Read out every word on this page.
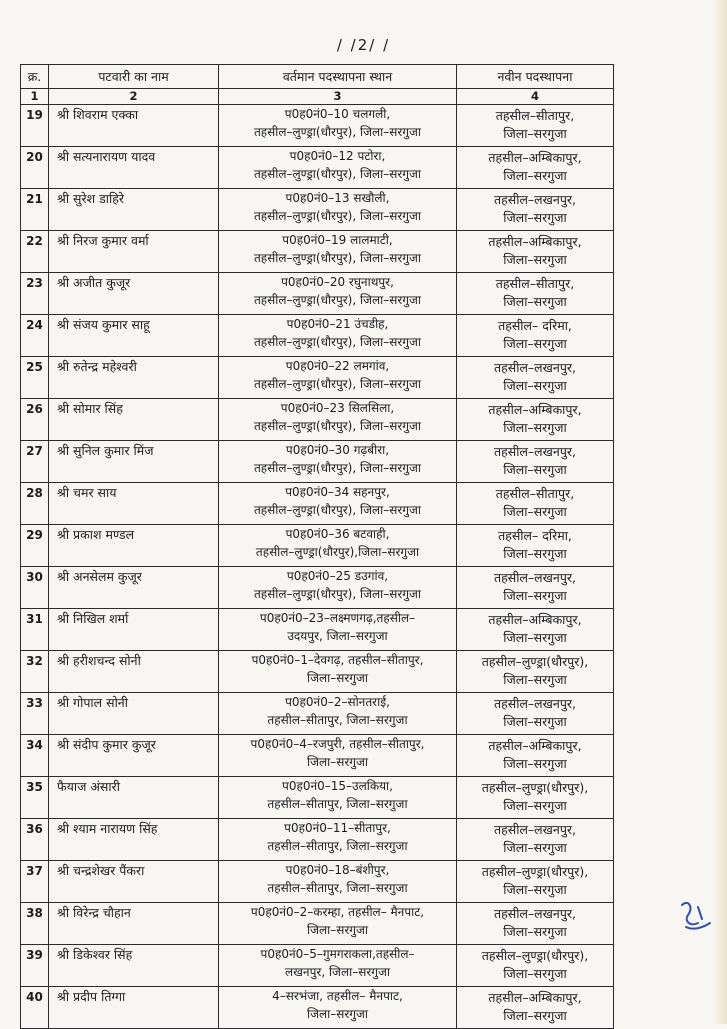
/ /2/ /
क्र.	पटवारी का नाम	वर्तमान पदस्थापना स्थान	नवीन पदस्थापना
1	2	3	4
19	श्री शिवराम एक्का	प0ह0नं0–10 चलगली,
तहसील–लुण्ड्रा(धौरपुर), जिला–सरगुजा	तहसील–सीतापुर,
जिला–सरगुजा

20	श्री सत्यनारायण यादव	प0ह0नं0–12 पटोरा,
तहसील–लुण्ड्रा(धौरपुर), जिला–सरगुजा	तहसील–अम्बिकापुर,
जिला–सरगुजा

21	श्री सुरेश डाहिरे	प0ह0नं0–13 सखौली,
तहसील–लुण्ड्रा(धौरपुर), जिला–सरगुजा	तहसील–लखनपुर,
जिला–सरगुजा

22	श्री निरज कुमार वर्मा	प0ह0नं0–19 लालमाटी,
तहसील–लुण्ड्रा(धौरपुर), जिला–सरगुजा	तहसील–अम्बिकापुर,
जिला–सरगुजा

23	श्री अजीत कुजूर	प0ह0नं0–20 रघुनाथपुर,
तहसील–लुण्ड्रा(धौरपुर), जिला–सरगुजा	तहसील–सीतापुर,
जिला–सरगुजा

24	श्री संजय कुमार साहू	प0ह0नं0–21 उंचडीह,
तहसील–लुण्ड्रा(धौरपुर), जिला–सरगुजा	तहसील– दरिमा,
जिला–सरगुजा

25	श्री रुतेन्द्र महेश्वरी	प0ह0नं0–22 लमगांव,
तहसील–लुण्ड्रा(धौरपुर), जिला–सरगुजा	तहसील–लखनपुर,
जिला–सरगुजा

26	श्री सोमार सिंह	प0ह0नं0–23 सिलसिला,
तहसील–लुण्ड्रा(धौरपुर), जिला–सरगुजा	तहसील–अम्बिकापुर,
जिला–सरगुजा

27	श्री सुनिल कुमार मिंज	प0ह0नं0–30 गढ़बीरा,
तहसील–लुण्ड्रा(धौरपुर), जिला–सरगुजा	तहसील–लखनपुर,
जिला–सरगुजा

28	श्री चमर साय	प0ह0नं0–34 सहनपुर,
तहसील–लुण्ड्रा(धौरपुर), जिला–सरगुजा	तहसील–सीतापुर,
जिला–सरगुजा

29	श्री प्रकाश मण्डल	प0ह0नं0–36 बटवाही,
तहसील–लुण्ड्रा(धौरपुर),जिला–सरगुजा	तहसील– दरिमा,
जिला–सरगुजा

30	श्री अनसेलम कुजूर	प0ह0नं0–25 डउगांव,
तहसील–लुण्ड्रा(धौरपुर), जिला–सरगुजा	तहसील–लखनपुर,
जिला–सरगुजा

31	श्री निखिल शर्मा	प0ह0नं0–23–लक्ष्मणगढ़,तहसील–
उदयपुर, जिला–सरगुजा	तहसील–अम्बिकापुर,
जिला–सरगुजा

32	श्री हरीशचन्द सोनी	प0ह0नं0–1–देवगढ़, तहसील–सीतापुर,
जिला–सरगुजा	तहसील–लुण्ड्रा(धौरपुर),
जिला–सरगुजा

33	श्री गोपाल सोनी	प0ह0नं0–2–सोनतराई,
तहसील–सीतापुर, जिला–सरगुजा	तहसील–लखनपुर,
जिला–सरगुजा

34	श्री संदीप कुमार कुजूर	प0ह0नं0–4–रजपुरी, तहसील–सीतापुर,
जिला–सरगुजा	तहसील–अम्बिकापुर,
जिला–सरगुजा

35	फैयाज अंसारी	प0ह0नं0–15–उलकिया,
तहसील–सीतापुर, जिला–सरगुजा	तहसील–लुण्ड्रा(धौरपुर),
जिला–सरगुजा

36	श्री श्याम नारायण सिंह	प0ह0नं0–11–सीतापुर,
तहसील–सीतापुर, जिला–सरगुजा	तहसील–लखनपुर,
जिला–सरगुजा

37	श्री चन्द्रशेखर पैंकरा	प0ह0नं0–18–बंशीपुर,
तहसील–सीतापुर, जिला–सरगुजा	तहसील–लुण्ड्रा(धौरपुर),
जिला–सरगुजा

38	श्री विरेन्द्र चौहान	प0ह0नं0–2–करम्हा, तहसील– मैनपाट,
जिला–सरगुजा	तहसील–लखनपुर,
जिला–सरगुजा

39	श्री डिकेश्वर सिंह	प0ह0नं0–5–गुमगराकला,तहसील–
लखनपुर, जिला–सरगुजा	तहसील–लुण्ड्रा(धौरपुर),
जिला–सरगुजा

40	श्री प्रदीप तिग्गा	4–सरभंजा, तहसील– मैनपाट,
जिला–सरगुजा	तहसील–अम्बिकापुर,
जिला–सरगुजा
